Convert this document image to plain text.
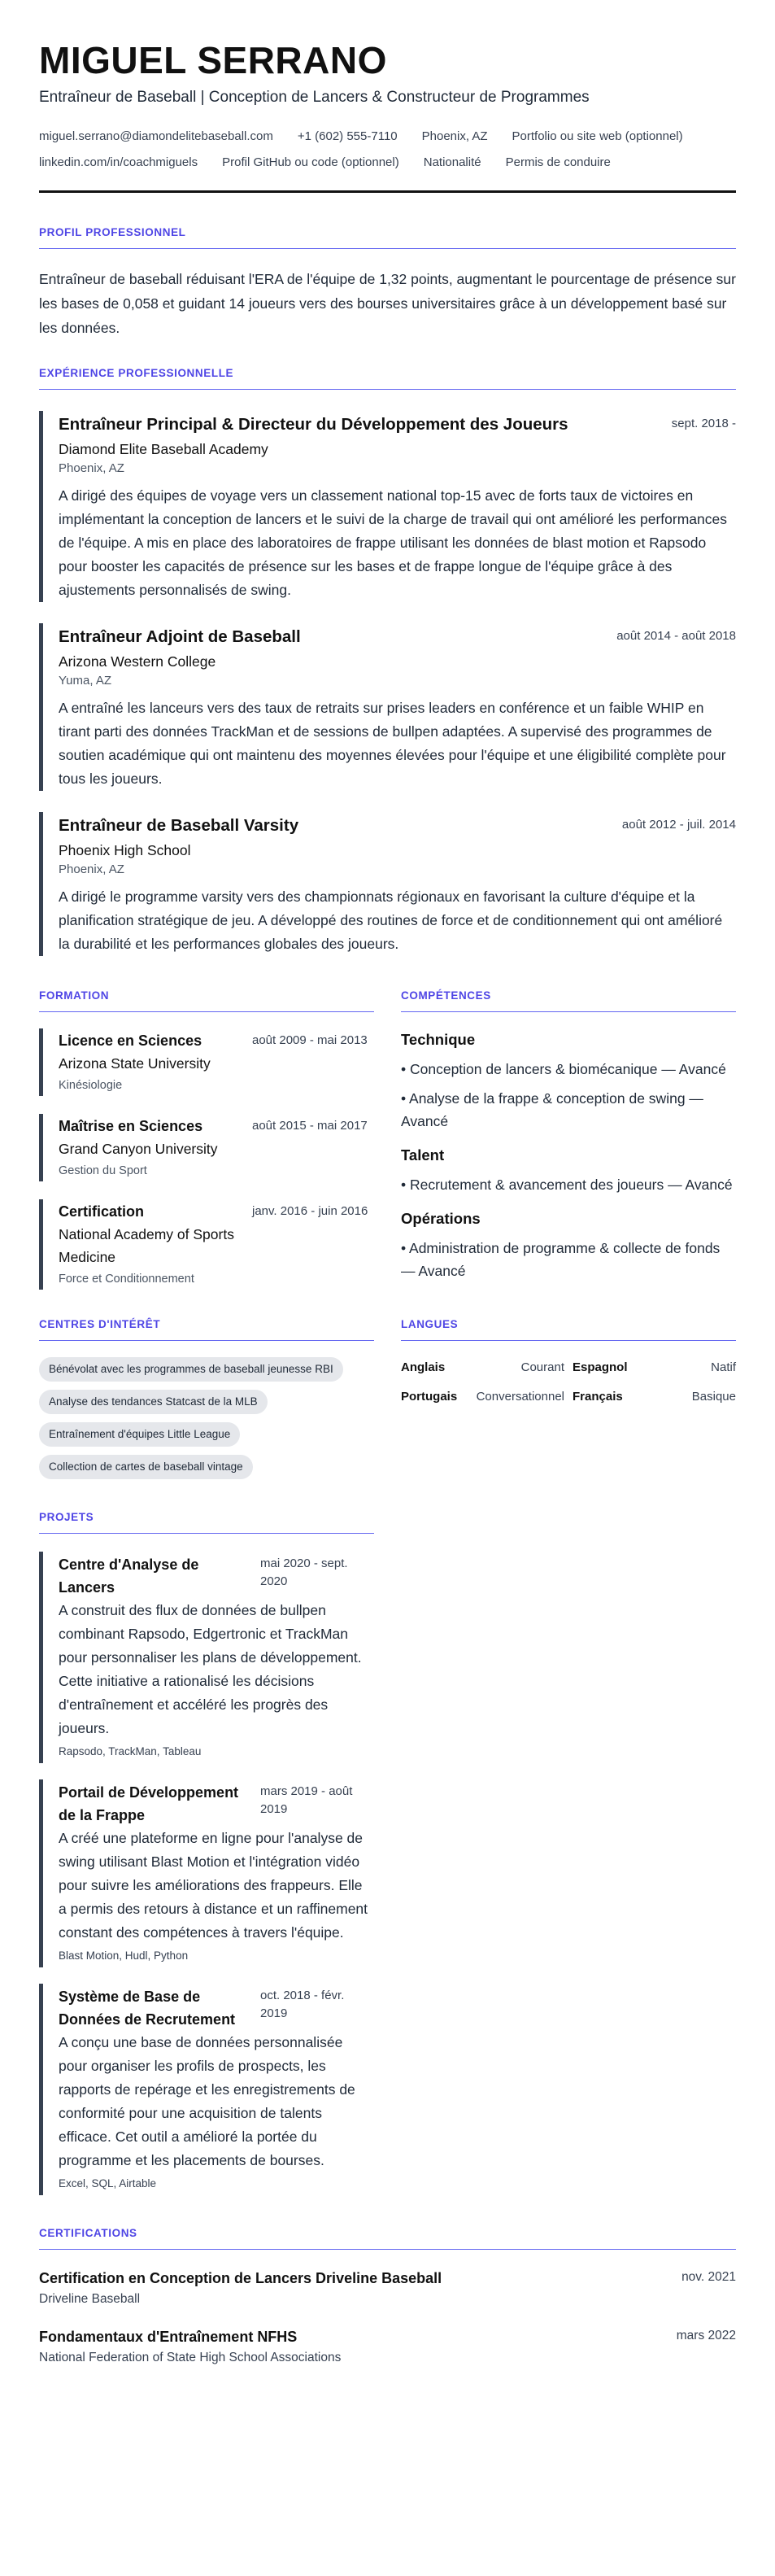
MIGUEL SERRANO
Entraîneur de Baseball | Conception de Lancers & Constructeur de Programmes
miguel.serrano@diamondelitebaseball.com +1 (602) 555-7110 Phoenix, AZ Portfolio ou site web (optionnel)
linkedin.com/in/coachmiguels Profil GitHub ou code (optionnel) Nationalité Permis de conduire
PROFIL PROFESSIONNEL

Entraîneur de baseball réduisant l'ERA de l'équipe de 1,32 points, augmentant le pourcentage de présence sur les bases de 0,058 et guidant 14 joueurs vers des bourses universitaires grâce à un développement basé sur les données.

EXPÉRIENCE PROFESSIONNELLE
Entraîneur Principal & Directeur du Développement des Joueurs	sept. 2018 -
Diamond Elite Baseball Academy
Phoenix, AZ

A dirigé des équipes de voyage vers un classement national top-15 avec de forts taux de victoires en implémentant la conception de lancers et le suivi de la charge de travail qui ont amélioré les performances de l'équipe. A mis en place des laboratoires de frappe utilisant les données de blast motion et Rapsodo pour booster les capacités de présence sur les bases et de frappe longue de l'équipe grâce à des ajustements personnalisés de swing.

Entraîneur Adjoint de Baseball	août 2014 - août 2018
Arizona Western College
Yuma, AZ

A entraîné les lanceurs vers des taux de retraits sur prises leaders en conférence et un faible WHIP en tirant parti des données TrackMan et de sessions de bullpen adaptées. A supervisé des programmes de soutien académique qui ont maintenu des moyennes élevées pour l'équipe et une éligibilité complète pour tous les joueurs.

Entraîneur de Baseball Varsity	août 2012 - juil. 2014
Phoenix High School
Phoenix, AZ

A dirigé le programme varsity vers des championnats régionaux en favorisant la culture d'équipe et la planification stratégique de jeu. A développé des routines de force et de conditionnement qui ont amélioré la durabilité et les performances globales des joueurs.

FORMATION
Licence en Sciences
Arizona State University
août 2009 - mai 2013
Kinésiologie
Maîtrise en Sciences
Grand Canyon University
août 2015 - mai 2017
Gestion du Sport
Certification
National Academy of Sports Medicine
janv. 2016 - juin 2016
Force et Conditionnement
COMPÉTENCES
Technique
• Conception de lancers & biomécanique — Avancé
• Analyse de la frappe & conception de swing — Avancé
Talent
• Recrutement & avancement des joueurs — Avancé
Opérations
• Administration de programme & collecte de fonds — Avancé
CENTRES D'INTÉRÊT
Bénévolat avec les programmes de baseball jeunesse RBI
Analyse des tendances Statcast de la MLB
Entraînement d'équipes Little League
Collection de cartes de baseball vintage
LANGUES
Anglais	Courant Espagnol	Natif
Portugais Conversationnel Français	Basique
PROJETS
Centre d'Analyse de Lancers
mai 2020 - sept. 2020

A construit des flux de données de bullpen combinant Rapsodo, Edgertronic et TrackMan pour personnaliser les plans de développement. Cette initiative a rationalisé les décisions d'entraînement et accéléré les progrès des joueurs.

Rapsodo, TrackMan, Tableau
Portail de Développement de la Frappe
mars 2019 - août 2019

A créé une plateforme en ligne pour l'analyse de swing utilisant Blast Motion et l'intégration vidéo pour suivre les améliorations des frappeurs. Elle a permis des retours à distance et un raffinement constant des compétences à travers l'équipe.

Blast Motion, Hudl, Python
Système de Base de Données de Recrutement
oct. 2018 - févr. 2019

A conçu une base de données personnalisée pour organiser les profils de prospects, les rapports de repérage et les enregistrements de conformité pour une acquisition de talents efficace. Cet outil a amélioré la portée du programme et les placements de bourses.

Excel, SQL, Airtable
CERTIFICATIONS
Certification en Conception de Lancers Driveline Baseball
Driveline Baseball
nov. 2021
Fondamentaux d'Entraînement NFHS
National Federation of State High School Associations
mars 2022
